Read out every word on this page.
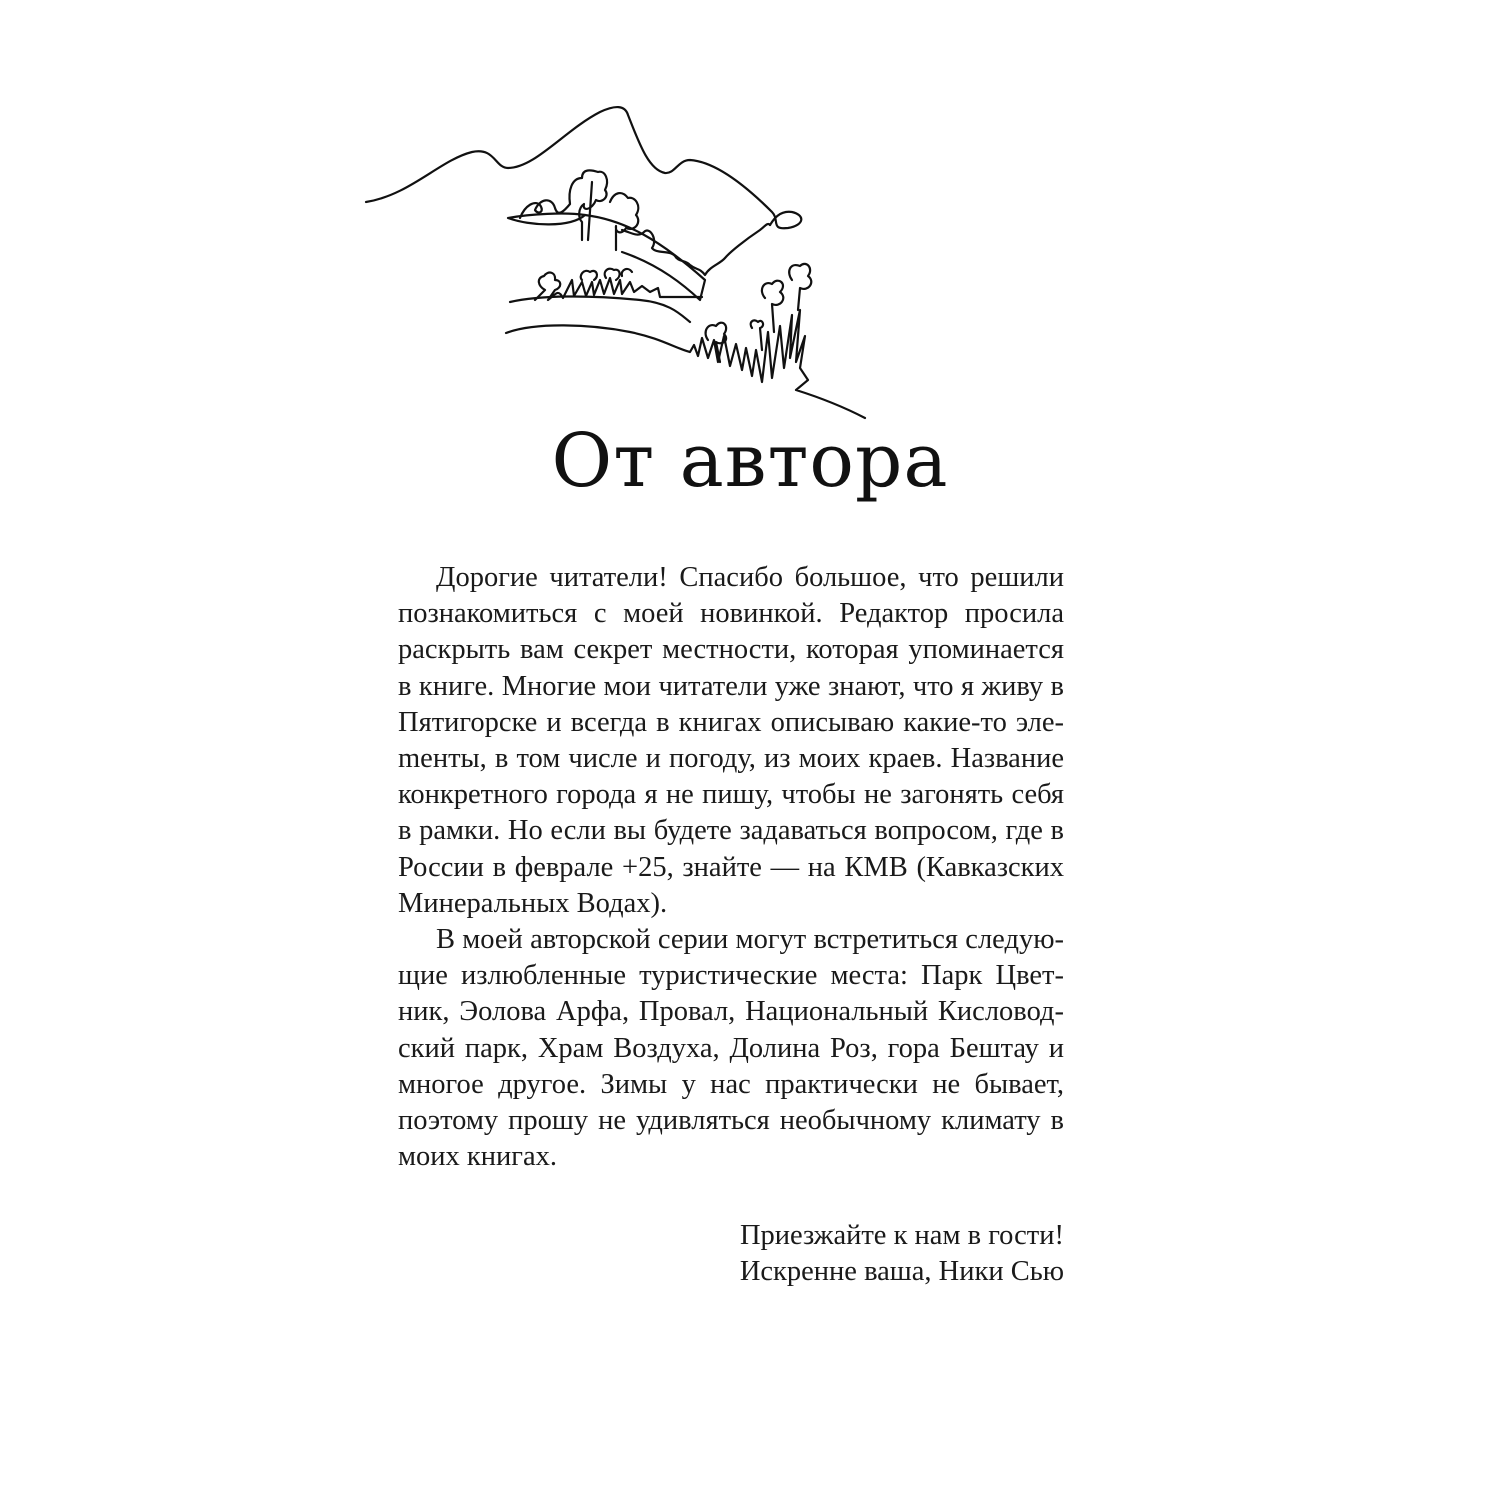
От автора

Дорогие читатели! Спасибо большое, что решили познакомиться с моей новинкой. Редактор просила раскрыть вам секрет местности, которая упоминается в книге. Многие мои читатели уже знают, что я живу в Пятигорске и всегда в книгах описываю какие-то элеmенты, в том числе и погоду, из моих краев. Название конкретного города я не пишу, чтобы не загонять себя в рамки. Но если вы будете задаваться вопросом, где в России в феврале +25, знайте — на КМВ (Кавказских Минеральных Водах).

В моей авторской серии могут встретиться следующие излюбленные туристические места: Парк Цветник, Эолова Арфа, Провал, Национальный Кисловодский парк, Храм Воздуха, Долина Роз, гора Бештау и многое другое. Зимы у нас практически не бывает, поэтому прошу не удивляться необычному климату в моих книгах.

Приезжайте к нам в гости!
Искренне ваша, Ники Сью
